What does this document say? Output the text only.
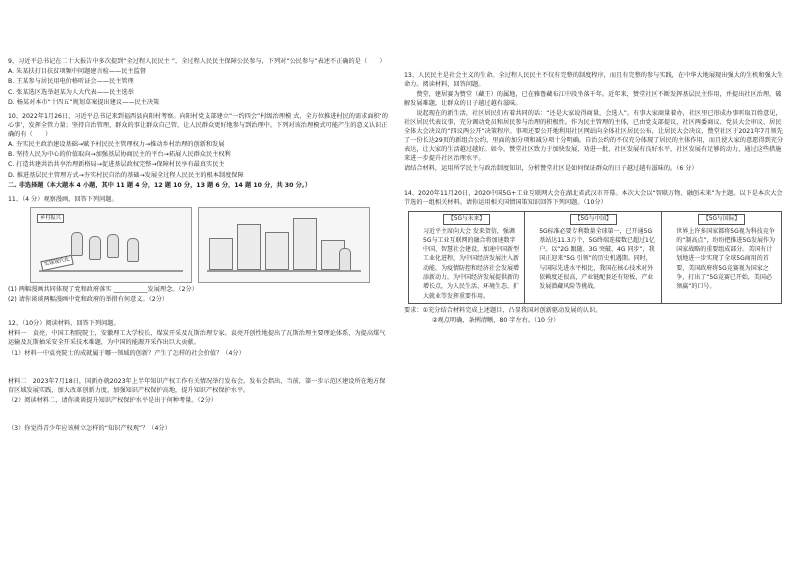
9、习近平总书记在二十大报告中多次提到“全过程人民民主 ”，全过程人民民主保障公民参与，下列对“公民参与”表述不正确的是（　　）

A. 朱某扶打目扶贫项频中问题建言检——民主监督

B. 王某参与居民用电价格听证会——民主管理

C. 张某选区选举赵某为人大代表——民主选举

D. 杨某对本市“十四五”规划草案提出建议——民主决策

10、2022年1月26日，习近平总书记来到福西县向阳村考察。向阳村党支部建立“一约四会”村级治理模 式，全方位推进村民的需求面积‘的心事’，发挥全管力量；坚持自治管理，群众的事让群众自己管，让人民群众更好地参与到治理中。下列对该治理模式可能产生的意义认识正确的有（　　）

A. 夯实民主政治建设基础→赋予村民民主管理权力→推动乡村治理的创新和发展

B. 坚持人民为中心的价值取向→加强基层协商民主的平台→拓展人民群众民主权利

C. 打造共建共治共享治理新格局→促进基层政权完整→保障村民享有最真实民主

D. 推进基层民主管理方式→夯实村民自治的基础→发展全过程人民民主的根本制度保障

二. 非选择题（本大题本 4 小题，其中 11 题 4 分，12 题 10 分，13 题 6 分，14 题 10 分，共 30 分。）

11、（4 分）观察漫画，回答下列问题。

乡村振兴
实现现代化

(1) 两幅漫画共同体现了党和政府落实 ___________发展理念。（2分）

(2) 请你谈谈两幅漫画中党和政府的举措有何意义。（2分）

12、（10分）阅读材料，回答下列问题。

材料一　袁亮，中国工程院院士，安徽理工大学校长，煤炭开采及瓦斯治理专家。袁亮开创性地提出了瓦斯治理主要理论体系，为提高煤气运输及瓦斯抽采安全开采技术难题，为中国的能源开采作出巨大贡献。

（1）材料一中袁亮院士的成就属于哪一领域的创新？产生了怎样的社会价值？（4分）

材料二　2023年7月18日，国新办就2023年上半年知识产权工作有关情况举行发布会。发布会指出，当前，第一步示范区建设所在地方保育区域发展实践，加大改革创新力度，加强知识产权保护高地，提升知识产权保护水平。

（2）阅读材料二，请你谈谈提升知识产权保护水平是出于何种考量。（2分）

（3）你觉得青少年应该树立怎样的“知识产权观”？（4分）

13、人民民主是社会主义的生命。全过程人民民主不仅有完整的制度程序，而且有完整的参与实践，在中华大地展现出强大的生机和强大生命力。阅读材料，回答问题。

　　赞堂，建居赛为赞堂（藏王）的属地，已在雅鲁藏布江中段坐落千年。近年来，赞堂社区不断发挥基层民主作用，并提出社区治理，破解发展难题，让群众的日子越过越有滋味。

　　说起现在的新生活，社区居民们有着共同的话：“还是大家说得商量，会选人”。有事大家商量着办，社区里已形成办事听取百姓意见，社区居民代表议事，充分调动党员和居民参与治理的积极性。作为民主管理的主体，已由党支部提议，社区两委商议、党员大会审议、居民全体大会决议的“四议两公开”决策程序。事项还要公开地利用社区网站向全体社区居民公布，让居民大会决议，赞堂社区于2021年7月领先了一份长达29页的新组合公约，里面的加分项和减分项十分明确。自治公约的不仅充分体现了居民的主体作用，而且使大家的意愿得到充分表达，让大家的生活越过越好。如今，赞堂社区致力于加快发展，劝进一批，社区发展有良好水平，社区发展有足够的动力，通过这些措施来进一步提升社区治理水平。

请结合材料，运用所学民主与政治制度知识，分析赞堂社区是如何保证群众的日子越过越有滋味的。（6 分）

14、2020年11月20日，2020中国5G+工业互联网大会在湖北省武汉市开幕。本次大会以“智联万物、融创未来”为主题。以下是本次大会节选的一组相关材料。请你运用相关国情国策知识回答下列问题。（10分）

【5G与未来】
习近平主席向大会 发来贺信，强调5G与工业互联网的融合将加速数字中国、智慧社会建设，加速中国新型工业化进程，为中国经济发展注入新动能，为疫情防控和经济社会发展增添新动力，为中国经济发展提供新的增长点，为人民生活、环境生态、扩大就业等发挥重要作用。

【5G与中国】
5G标准必要专利数量全球第一，已开通5G基站达11.3万个，5G终端连接数已超过1亿户。以“2G 跟随、3G 突破、4G 同步”，我国正迎来“5G 引领”的历史机遇期。同时，与国际先进水平相比，我国在核心技术对外依赖度还很高，产业链配套还有短板，产业发展潜藏风险等挑战。

【5G与国际】
世界上许多国家都将5G视为科技竞争的“制高点”，纷纷把推进5G发展作为国家战略的重要组成部分。美国有计划地进一步实现了全球5G商用的首要，美国政府将5G竞赛视为国家之争，打出了“5G竞赛已开始，美国必须赢”的口号。

要求：①充分结合材料完成上述题目，凸显我国对创新驱动发展的认识。

②观点明确，条例清晰，80 字左右。（10 分）
